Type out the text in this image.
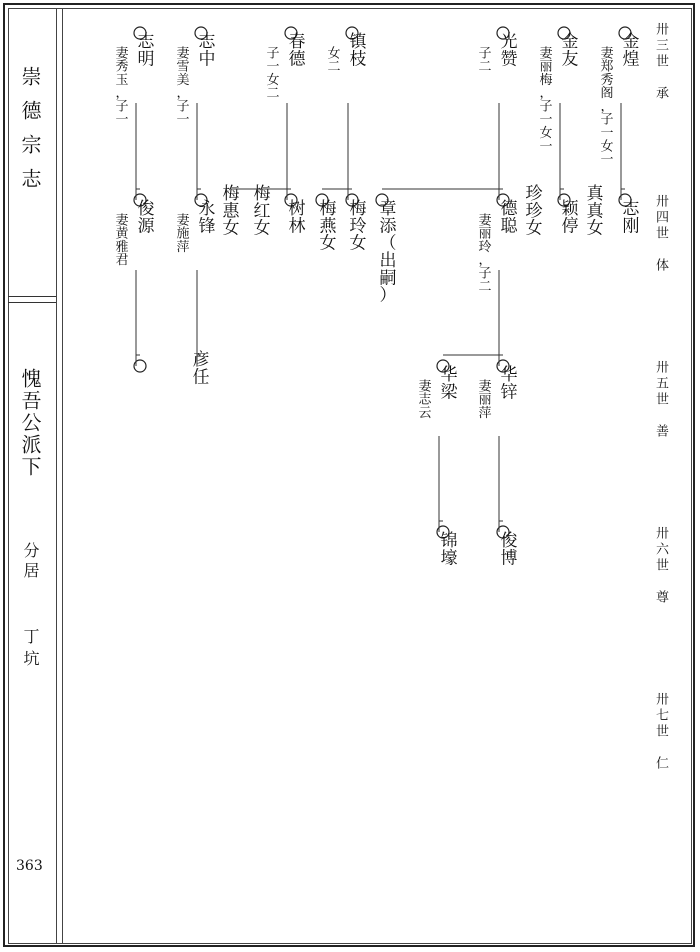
崇德宗志
愧吾公派下
分居
丁坑
363
卅三世　承
卅四世　体
卅五世　善
卅六世　尊
卅七世　仁
金
煌
妻
郑
秀
阁
，
子
一
女
一
志
刚
真
真
女
金
友
妻
丽
梅
，
子
一
女
一
颖
停
珍
珍
女
光
赞
子
二
德
聪
妻
丽
玲
，
子
二
华
锌
妻
丽
萍
俊
博
华
梁
妻
志
云
锦
壕
章
添
（
出
嗣
）
镇
枝
女
二
梅
玲
女
梅
燕
女
春
德
子
一
女
二
树
林
梅
红
女
梅
惠
女
志
中
妻
雪
美
，
子
一
永
锋
妻
施
萍
彦
任
志
明
妻
秀
玉
，
子
一
俊
源
妻
黄
雅
君
